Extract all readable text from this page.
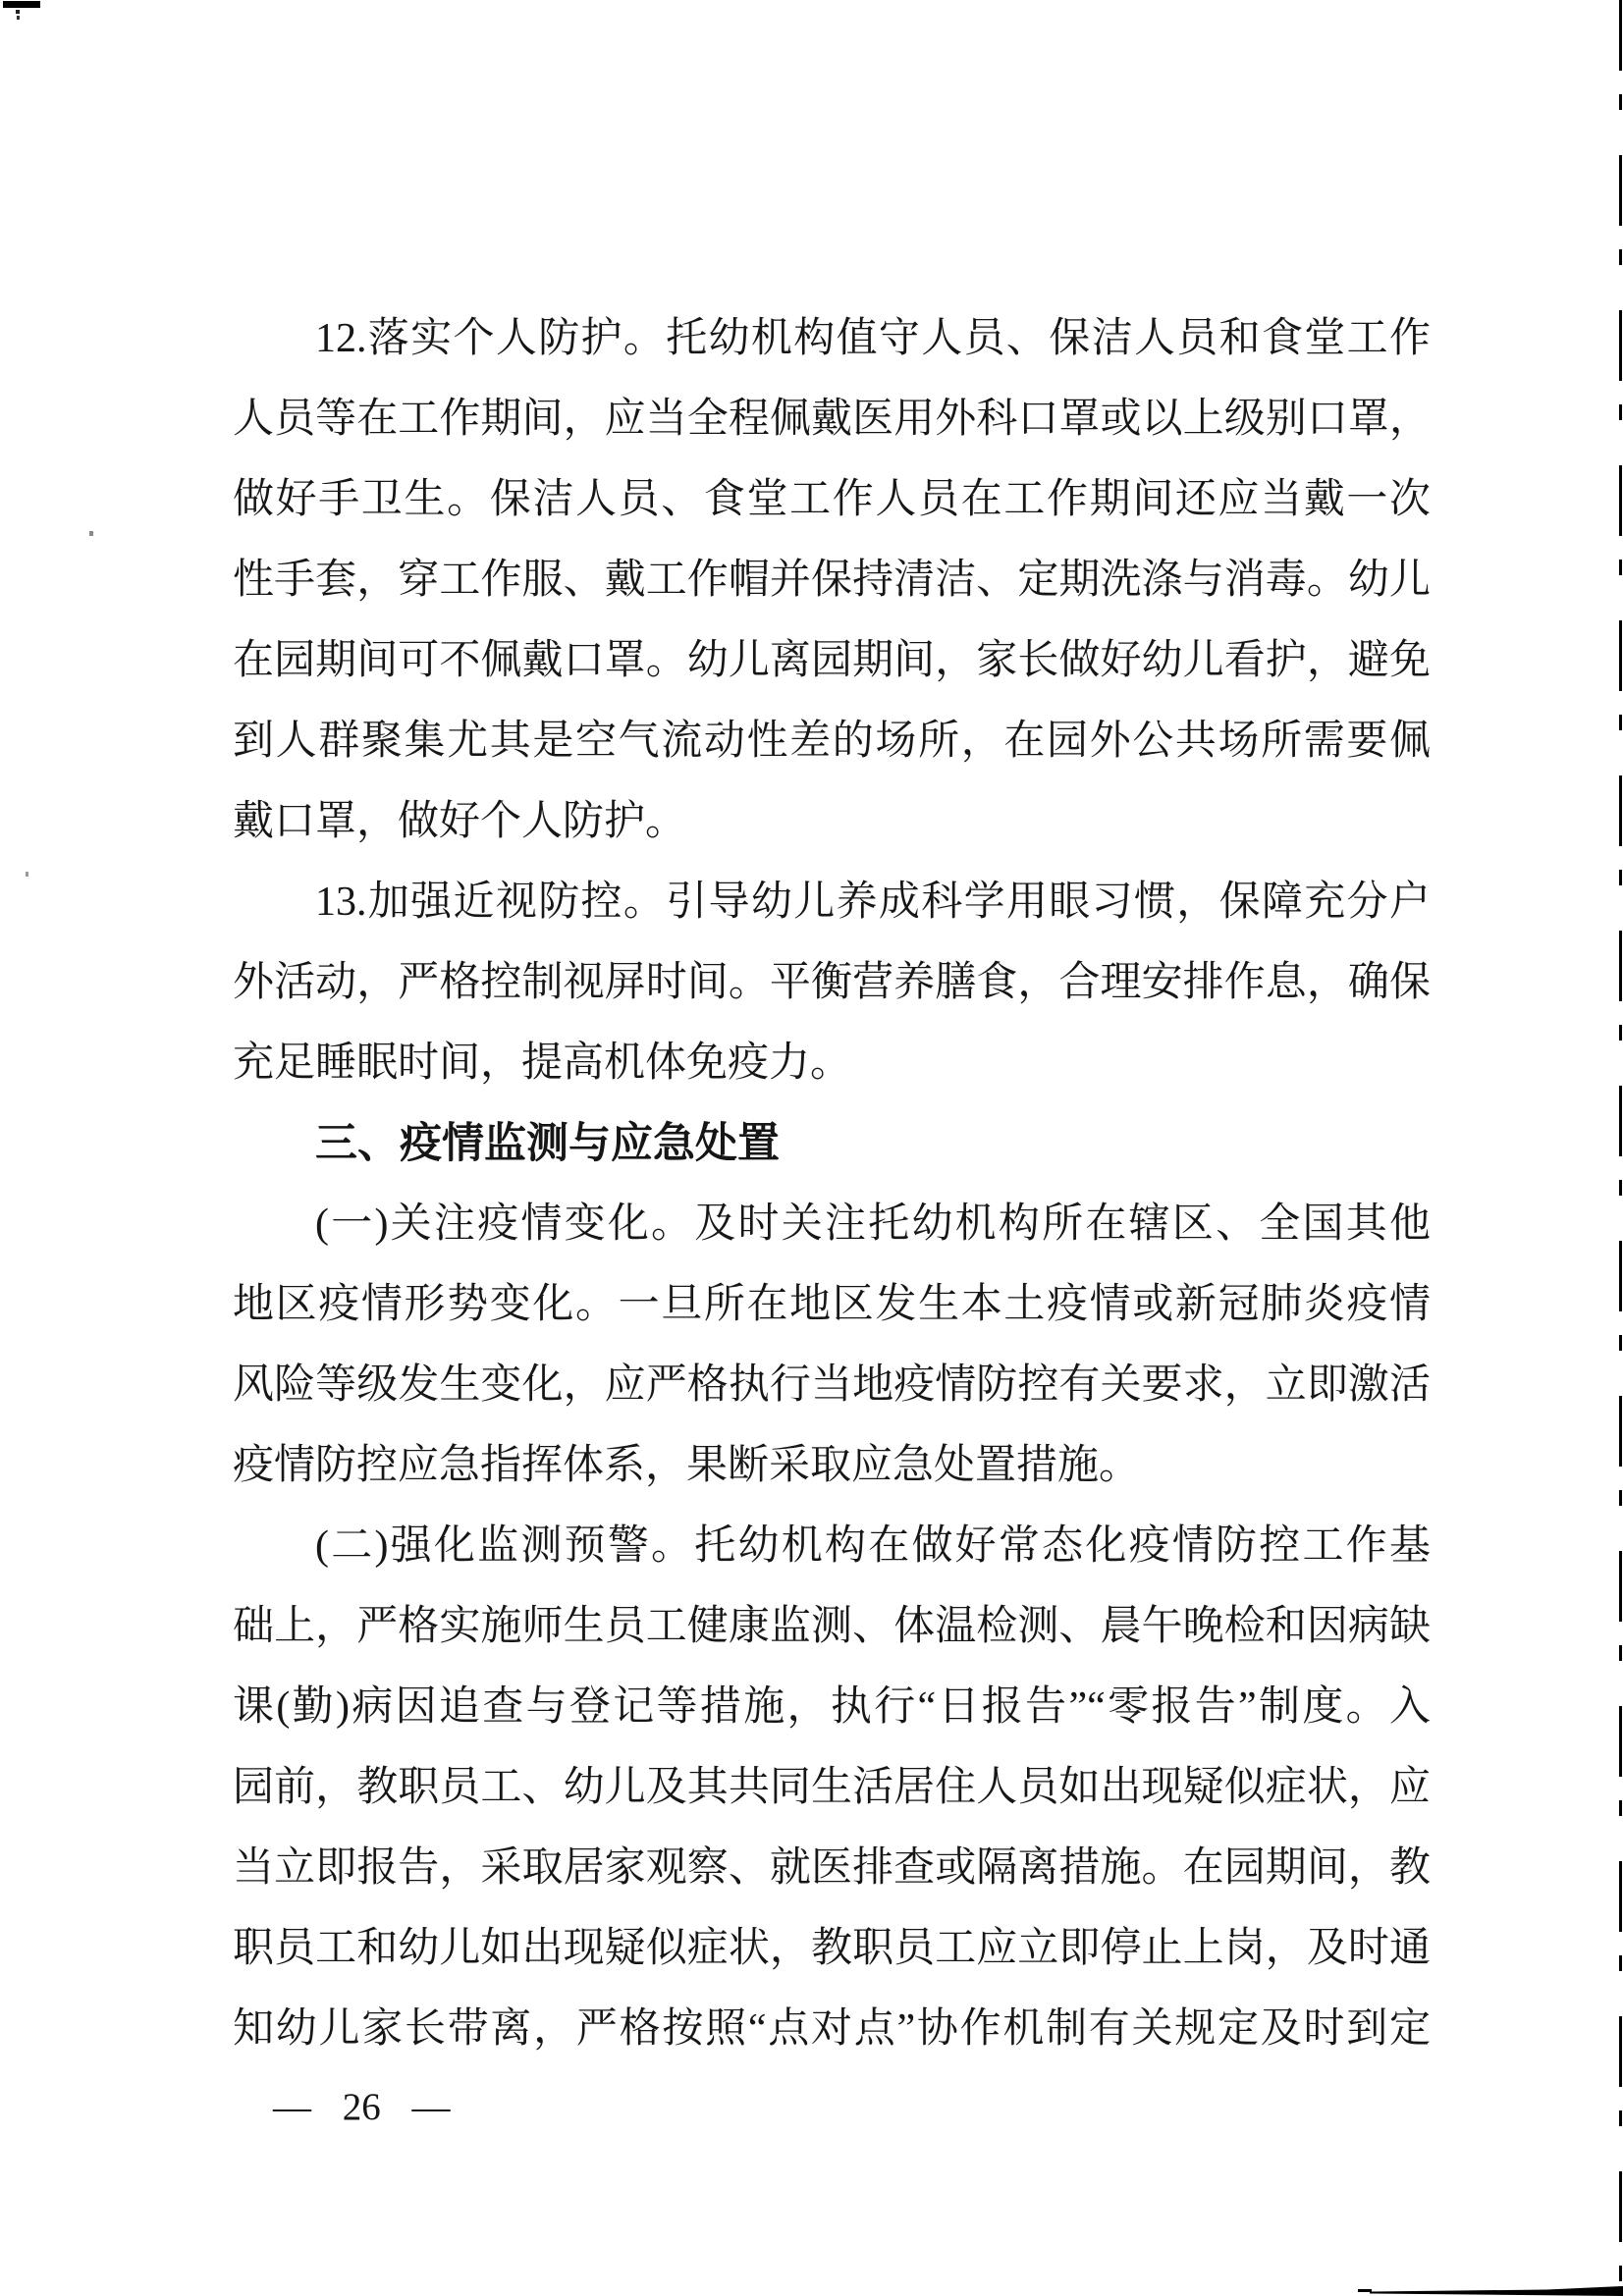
12.落实个人防护。托幼机构值守人员、保洁人员和食堂工作
人员等在工作期间，应当全程佩戴医用外科口罩或以上级别口罩，
做好手卫生。保洁人员、食堂工作人员在工作期间还应当戴一次
性手套，穿工作服、戴工作帽并保持清洁、定期洗涤与消毒。幼儿
在园期间可不佩戴口罩。幼儿离园期间，家长做好幼儿看护，避免
到人群聚集尤其是空气流动性差的场所，在园外公共场所需要佩
戴口罩，做好个人防护。
13.加强近视防控。引导幼儿养成科学用眼习惯，保障充分户
外活动，严格控制视屏时间。平衡营养膳食，合理安排作息，确保
充足睡眠时间，提高机体免疫力。
三、疫情监测与应急处置
(一)关注疫情变化。及时关注托幼机构所在辖区、全国其他
地区疫情形势变化。一旦所在地区发生本土疫情或新冠肺炎疫情
风险等级发生变化，应严格执行当地疫情防控有关要求，立即激活
疫情防控应急指挥体系，果断采取应急处置措施。
(二)强化监测预警。托幼机构在做好常态化疫情防控工作基
础上，严格实施师生员工健康监测、体温检测、晨午晚检和因病缺
课(勤)病因追查与登记等措施，执行“日报告”“零报告”制度。入
园前，教职员工、幼儿及其共同生活居住人员如出现疑似症状，应
当立即报告，采取居家观察、就医排查或隔离措施。在园期间，教
职员工和幼儿如出现疑似症状，教职员工应立即停止上岗，及时通
知幼儿家长带离，严格按照“点对点”协作机制有关规定及时到定
— 26 —
